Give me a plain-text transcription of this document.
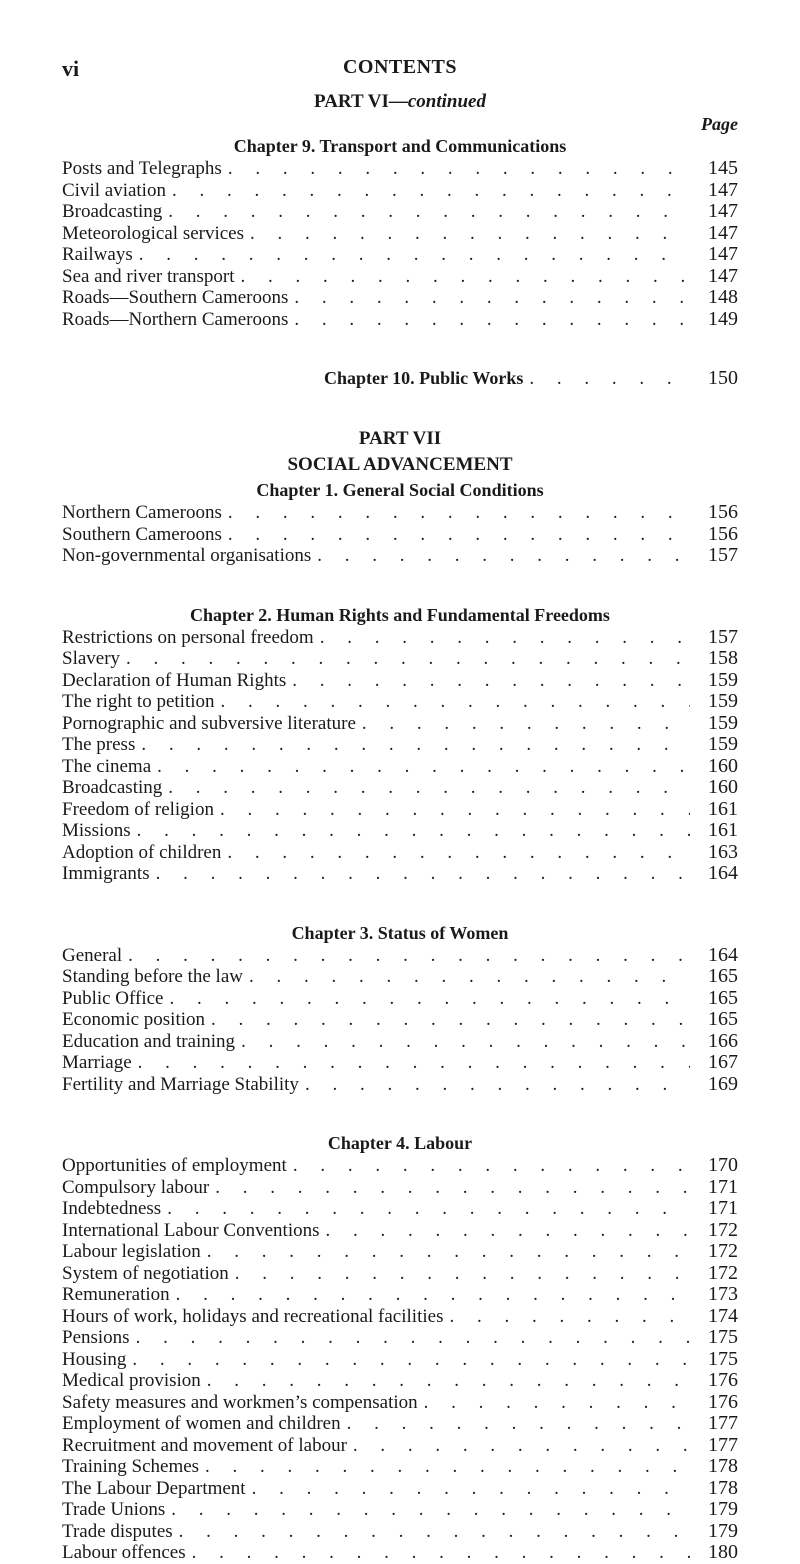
vi	CONTENTS
PART VI—continued
Page
Chapter 9. Transport and Communications
Posts and Telegraphs . . .	145
Civil aviation . . .	147
Broadcasting . . .	147
Meteorological services . . .	147
Railways . . .	147
Sea and river transport . . .	147
Roads—Southern Cameroons . . .	148
Roads—Northern Cameroons . . .	149
Chapter 10. Public Works . . .	150
PART VII
SOCIAL ADVANCEMENT
Chapter 1. General Social Conditions
Northern Cameroons . . .	156
Southern Cameroons . . .	156
Non-governmental organisations . . .	157
Chapter 2. Human Rights and Fundamental Freedoms
Restrictions on personal freedom . . .	157
Slavery . . .	158
Declaration of Human Rights . . .	159
The right to petition . . .	159
Pornographic and subversive literature . . .	159
The press . . .	159
The cinema . . .	160
Broadcasting . . .	160
Freedom of religion . . .	161
Missions . . .	161
Adoption of children . . .	163
Immigrants . . .	164
Chapter 3. Status of Women
General . . .	164
Standing before the law . . .	165
Public Office . . .	165
Economic position . . .	165
Education and training . . .	166
Marriage . . .	167
Fertility and Marriage Stability . . .	169
Chapter 4. Labour
Opportunities of employment . . .	170
Compulsory labour . . .	171
Indebtedness . . .	171
International Labour Conventions . . .	172
Labour legislation . . .	172
System of negotiation . . .	172
Remuneration . . .	173
Hours of work, holidays and recreational facilities . . .	174
Pensions . . .	175
Housing . . .	175
Medical provision . . .	176
Safety measures and workmen’s compensation . . .	176
Employment of women and children . . .	177
Recruitment and movement of labour . . .	177
Training Schemes . . .	178
The Labour Department . . .	178
Trade Unions . . .	179
Trade disputes . . .	179
Labour offences . . .	180
